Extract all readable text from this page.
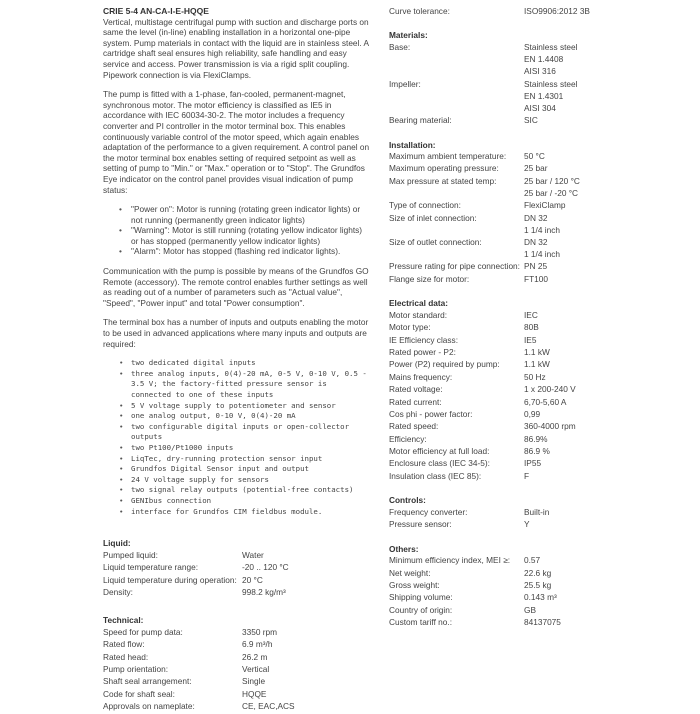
CRIE 5-4 AN-CA-I-E-HQQE

Vertical, multistage centrifugal pump with suction and discharge ports on same the level (in-line) enabling installation in a horizontal one-pipe system. Pump materials in contact with the liquid are in stainless steel. A cartridge shaft seal ensures high reliability, safe handling and easy service and access. Power transmission is via a rigid split coupling. Pipework connection is via FlexiClamps.

The pump is fitted with a 1-phase, fan-cooled, permanent-magnet, synchronous motor. The motor efficiency is classified as IE5 in accordance with IEC 60034-30-2. The motor includes a frequency converter and PI controller in the motor terminal box. This enables continuously variable control of the motor speed, which again enables adaptation of the performance to a given requirement. A control panel on the motor terminal box enables setting of required setpoint as well as setting of pump to "Min." or "Max." operation or to "Stop". The Grundfos Eye indicator on the control panel provides visual indication of pump status:

• "Power on": Motor is running (rotating green indicator lights) or not running (permanently green indicator lights)
• "Warning": Motor is still running (rotating yellow indicator lights) or has stopped (permanently yellow indicator lights)
• "Alarm": Motor has stopped (flashing red indicator lights).

Communication with the pump is possible by means of the Grundfos GO Remote (accessory). The remote control enables further settings as well as reading out of a number of parameters such as "Actual value", "Speed", "Power input" and total "Power consumption".

The terminal box has a number of inputs and outputs enabling the motor to be used in advanced applications where many inputs and outputs are required:

• two dedicated digital inputs
• three analog inputs, 0(4)-20 mA, 0-5 V, 0-10 V, 0.5 - 3.5 V; the factory-fitted pressure sensor is connected to one of these inputs
• 5 V voltage supply to potentiometer and sensor
• one analog output, 0-10 V, 0(4)-20 mA
• two configurable digital inputs or open-collector outputs
• two Pt100/Pt1000 inputs
• LiqTec, dry-running protection sensor input
• Grundfos Digital Sensor input and output
• 24 V voltage supply for sensors
• two signal relay outputs (potential-free contacts)
• GENIbus connection
• interface for Grundfos CIM fieldbus module.
Liquid:
Pumped liquid:	Water
Liquid temperature range:	-20 .. 120 °C
Liquid temperature during operation: 20 °C
Density:	998.2 kg/m³
Technical:
Speed for pump data:	3350 rpm
Rated flow:	6.9 m³/h
Rated head:	26.2 m
Pump orientation:	Vertical
Shaft seal arrangement:	Single
Code for shaft seal:	HQQE
Approvals on nameplate:	CE, EAC,ACS
Curve tolerance:	ISO9906:2012 3B
Materials:
Base:	Stainless steel
EN 1.4408
AISI 316
Impeller:	Stainless steel
EN 1.4301
AISI 304
Bearing material:	SIC
Installation:
Maximum ambient temperature:	50 °C
Maximum operating pressure:	25 bar
Max pressure at stated temp:	25 bar / 120 °C
25 bar / -20 °C
Type of connection:	FlexiClamp
Size of inlet connection:	DN 32
1 1/4 inch
Size of outlet connection:	DN 32
1 1/4 inch
Pressure rating for pipe connection: PN 25
Flange size for motor:	FT100
Electrical data:
Motor standard:	IEC
Motor type:	80B
IE Efficiency class:	IE5
Rated power - P2:	1.1 kW
Power (P2) required by pump:	1.1 kW
Mains frequency:	50 Hz
Rated voltage:	1 x 200-240 V
Rated current:	6,70-5,60 A
Cos phi - power factor:	0,99
Rated speed:	360-4000 rpm
Efficiency:	86.9%
Motor efficiency at full load:	86.9 %
Enclosure class (IEC 34-5):	IP55
Insulation class (IEC 85):	F
Controls:
Frequency converter:	Built-in
Pressure sensor:	Y
Others:
Minimum efficiency index, MEI ≥:	0.57
Net weight:	22.6 kg
Gross weight:	25.5 kg
Shipping volume:	0.143 m³
Country of origin:	GB
Custom tariff no.:	84137075
